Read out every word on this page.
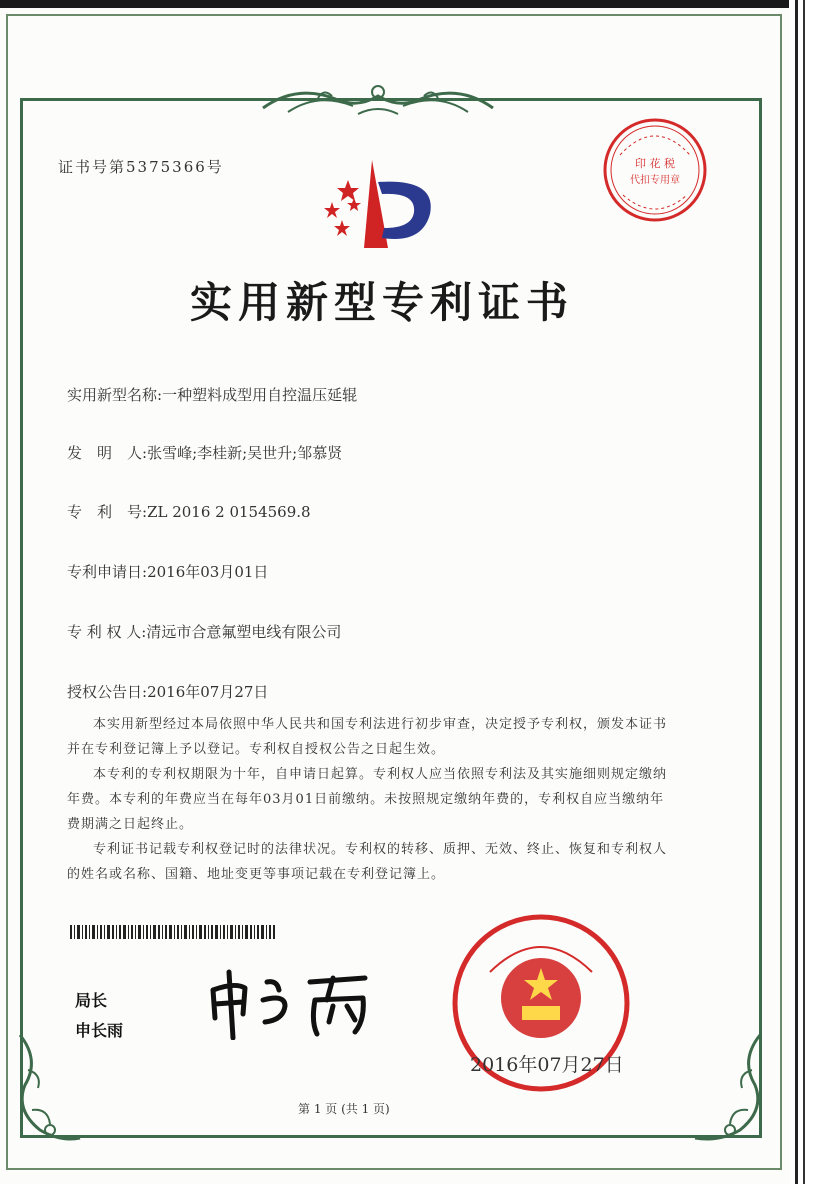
证书号第5375366号	印 花 税
代扣专用章
实用新型专利证书
实用新型名称:一种塑料成型用自控温压延辊
发　明　人:张雪峰;李桂新;吴世升;邹慕贤
专　利　号:ZL 2016 2 0154569.8
专利申请日:2016年03月01日
专 利 权 人:清远市合意氟塑电线有限公司
授权公告日:2016年07月27日

本实用新型经过本局依照中华人民共和国专利法进行初步审查，决定授予专利权，颁发本证书并在专利登记簿上予以登记。专利权自授权公告之日起生效。

本专利的专利权期限为十年，自申请日起算。专利权人应当依照专利法及其实施细则规定缴纳年费。本专利的年费应当在每年03月01日前缴纳。未按照规定缴纳年费的，专利权自应当缴纳年费期满之日起终止。

专利证书记载专利权登记时的法律状况。专利权的转移、质押、无效、终止、恢复和专利权人的姓名或名称、国籍、地址变更等事项记载在专利登记簿上。

局长
申长雨
2016年07月27日
第 1 页 (共 1 页)
